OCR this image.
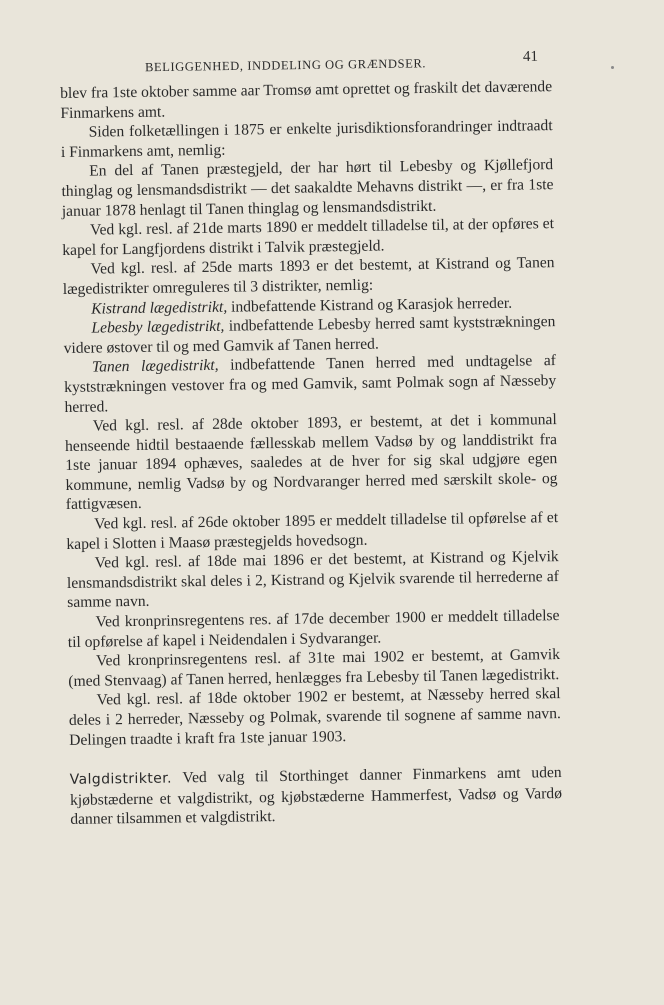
BELIGGENHED, INDDELING OG GRÆNDSER.	41

blev fra 1ste oktober samme aar Tromsø amt oprettet og fraskilt det daværende Finmarkens amt.

Siden folketællingen i 1875 er enkelte jurisdiktionsforandringer indtraadt i Finmarkens amt, nemlig:

En del af Tanen præstegjeld, der har hørt til Lebesby og Kjøllefjord thinglag og lensmandsdistrikt — det saakaldte Mehavns distrikt —, er fra 1ste januar 1878 henlagt til Tanen thinglag og lensmandsdistrikt.

Ved kgl. resl. af 21de marts 1890 er meddelt tilladelse til, at der opføres et kapel for Langfjordens distrikt i Talvik præstegjeld.

Ved kgl. resl. af 25de marts 1893 er det bestemt, at Kistrand og Tanen lægedistrikter omreguleres til 3 distrikter, nemlig:

Kistrand lægedistrikt, indbefattende Kistrand og Karasjok herreder.

Lebesby lægedistrikt, indbefattende Lebesby herred samt kyststrækningen videre østover til og med Gamvik af Tanen herred.

Tanen lægedistrikt, indbefattende Tanen herred med undtagelse af kyststrækningen vestover fra og med Gamvik, samt Polmak sogn af Næsseby herred.

Ved kgl. resl. af 28de oktober 1893, er bestemt, at det i kommunal henseende hidtil bestaaende fællesskab mellem Vadsø by og landdistrikt fra 1ste januar 1894 ophæves, saaledes at de hver for sig skal udgjøre egen kommune, nemlig Vadsø by og Nordvaranger herred med særskilt skole- og fattigvæsen.

Ved kgl. resl. af 26de oktober 1895 er meddelt tilladelse til opførelse af et kapel i Slotten i Maasø præstegjelds hovedsogn.

Ved kgl. resl. af 18de mai 1896 er det bestemt, at Kistrand og Kjelvik lensmandsdistrikt skal deles i 2, Kistrand og Kjelvik svarende til herrederne af samme navn.

Ved kronprinsregentens res. af 17de december 1900 er meddelt tilladelse til opførelse af kapel i Neidendalen i Sydvaranger.

Ved kronprinsregentens resl. af 31te mai 1902 er bestemt, at Gamvik (med Stenvaag) af Tanen herred, henlægges fra Lebesby til Tanen lægedistrikt.

Ved kgl. resl. af 18de oktober 1902 er bestemt, at Næsseby herred skal deles i 2 herreder, Næsseby og Polmak, svarende til sognene af samme navn. Delingen traadte i kraft fra 1ste januar 1903.

Valgdistrikter. Ved valg til Storthinget danner Finmarkens amt uden kjøbstæderne et valgdistrikt, og kjøbstæderne Hammerfest, Vadsø og Vardø danner tilsammen et valgdistrikt.
